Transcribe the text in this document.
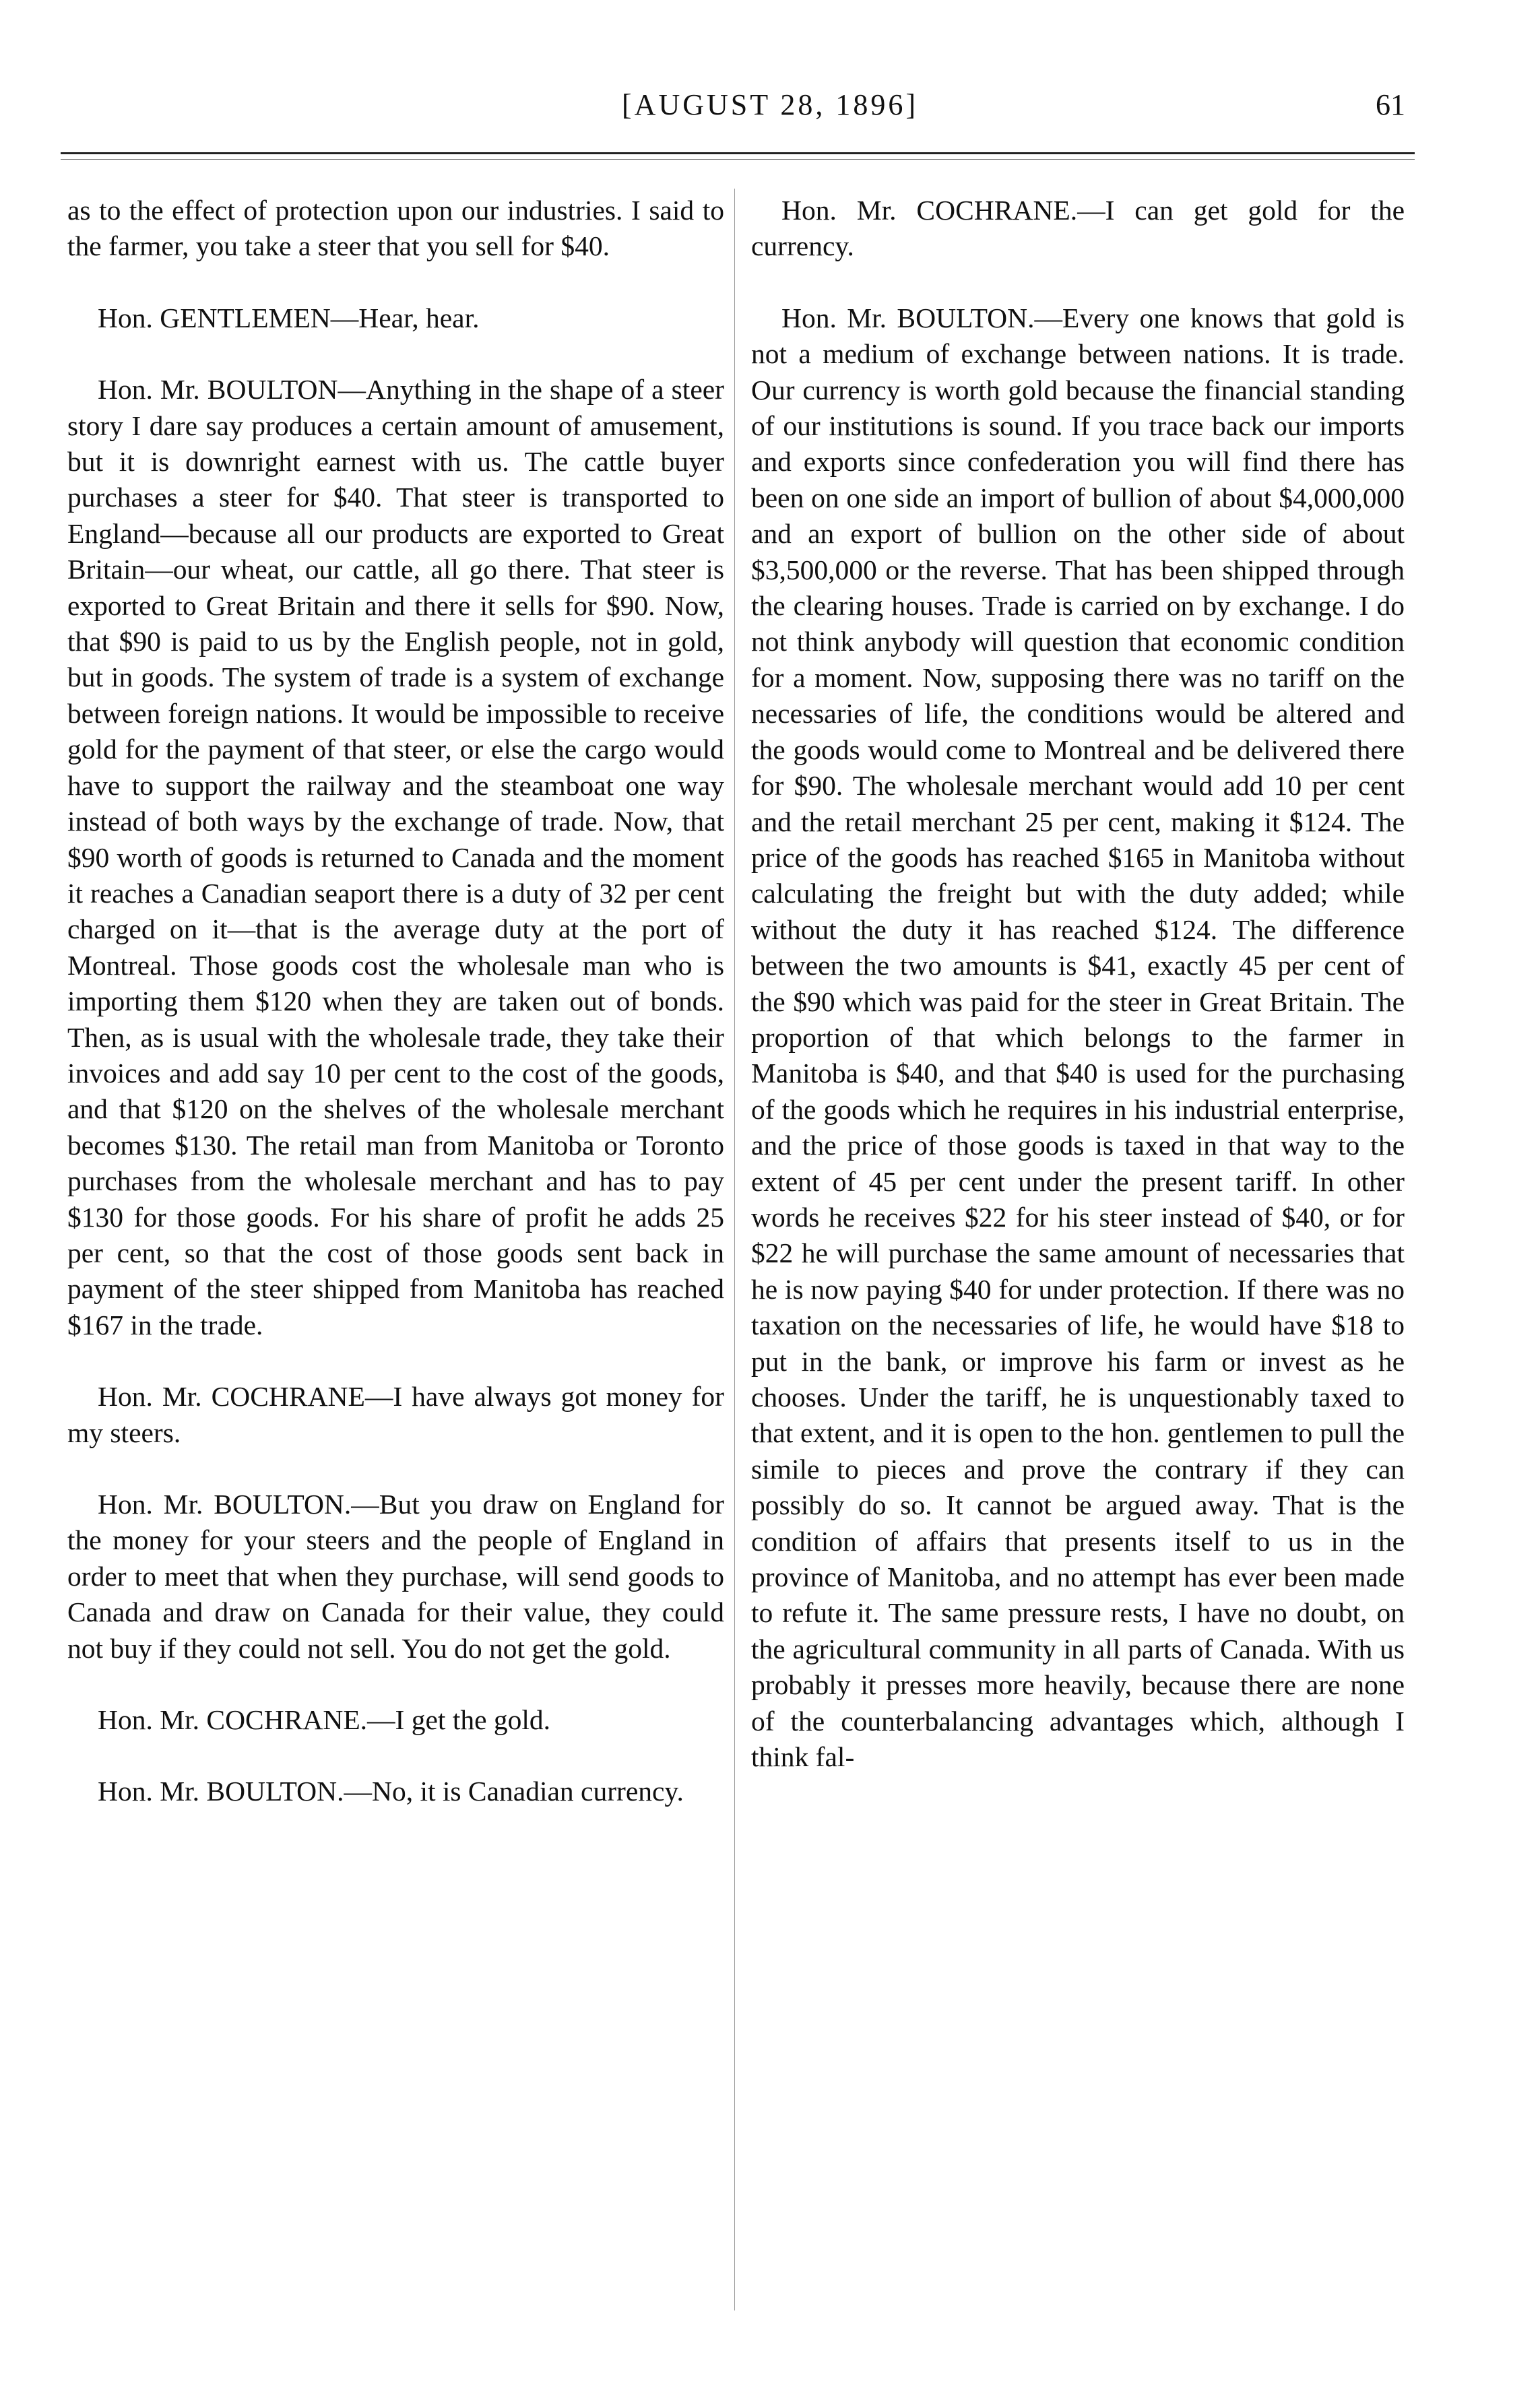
[AUGUST 28, 1896]	61

as to the effect of protection upon our industries. I said to the farmer, you take a steer that you sell for $40.

Hon. GENTLEMEN—Hear, hear.

Hon. Mr. BOULTON—Anything in the shape of a steer story I dare say produces a certain amount of amusement, but it is downright earnest with us. The cattle buyer purchases a steer for $40. That steer is transported to England—because all our products are exported to Great Britain—our wheat, our cattle, all go there. That steer is exported to Great Britain and there it sells for $90. Now, that $90 is paid to us by the English people, not in gold, but in goods. The system of trade is a system of exchange between foreign nations. It would be impossible to receive gold for the payment of that steer, or else the cargo would have to support the railway and the steamboat one way instead of both ways by the exchange of trade. Now, that $90 worth of goods is returned to Canada and the moment it reaches a Canadian seaport there is a duty of 32 per cent charged on it—that is the average duty at the port of Montreal. Those goods cost the wholesale man who is importing them $120 when they are taken out of bonds. Then, as is usual with the wholesale trade, they take their invoices and add say 10 per cent to the cost of the goods, and that $120 on the shelves of the wholesale merchant becomes $130. The retail man from Manitoba or Toronto purchases from the wholesale merchant and has to pay $130 for those goods. For his share of profit he adds 25 per cent, so that the cost of those goods sent back in payment of the steer shipped from Manitoba has reached $167 in the trade.

Hon. Mr. COCHRANE—I have always got money for my steers.

Hon. Mr. BOULTON.—But you draw on England for the money for your steers and the people of England in order to meet that when they purchase, will send goods to Canada and draw on Canada for their value, they could not buy if they could not sell. You do not get the gold.

Hon. Mr. COCHRANE.—I get the gold.

Hon. Mr. BOULTON.—No, it is Canadian currency.

Hon. Mr. COCHRANE.—I can get gold for the currency.

Hon. Mr. BOULTON.—Every one knows that gold is not a medium of exchange between nations. It is trade. Our currency is worth gold because the financial standing of our institutions is sound. If you trace back our imports and exports since confederation you will find there has been on one side an import of bullion of about $4,000,000 and an export of bullion on the other side of about $3,500,000 or the reverse. That has been shipped through the clearing houses. Trade is carried on by exchange. I do not think anybody will question that economic condition for a moment. Now, supposing there was no tariff on the necessaries of life, the conditions would be altered and the goods would come to Montreal and be delivered there for $90. The wholesale merchant would add 10 per cent and the retail merchant 25 per cent, making it $124. The price of the goods has reached $165 in Manitoba without calculating the freight but with the duty added; while without the duty it has reached $124. The difference between the two amounts is $41, exactly 45 per cent of the $90 which was paid for the steer in Great Britain. The proportion of that which belongs to the farmer in Manitoba is $40, and that $40 is used for the purchasing of the goods which he requires in his industrial enterprise, and the price of those goods is taxed in that way to the extent of 45 per cent under the present tariff. In other words he receives $22 for his steer instead of $40, or for $22 he will purchase the same amount of necessaries that he is now paying $40 for under protection. If there was no taxation on the necessaries of life, he would have $18 to put in the bank, or improve his farm or invest as he chooses. Under the tariff, he is unquestionably taxed to that extent, and it is open to the hon. gentlemen to pull the simile to pieces and prove the contrary if they can possibly do so. It cannot be argued away. That is the condition of affairs that presents itself to us in the province of Manitoba, and no attempt has ever been made to refute it. The same pressure rests, I have no doubt, on the agricultural community in all parts of Canada. With us probably it presses more heavily, because there are none of the counterbalancing advantages which, although I think fal-
